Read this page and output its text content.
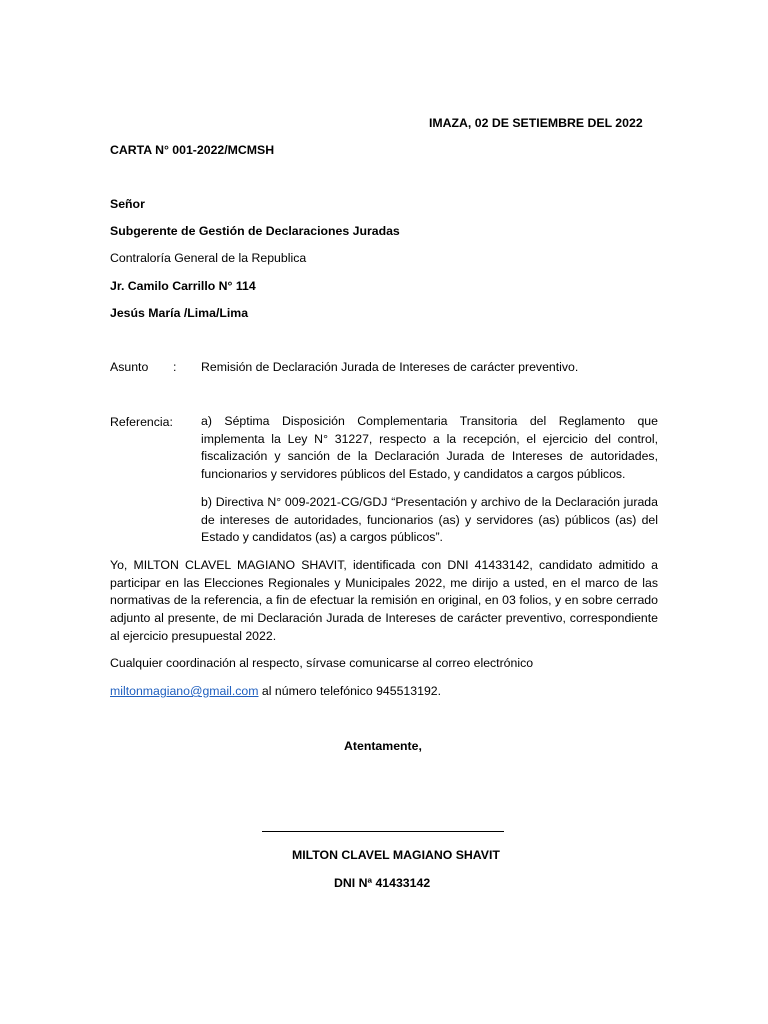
IMAZA, 02 DE SETIEMBRE DEL 2022
CARTA N° 001-2022/MCMSH
Señor
Subgerente de Gestión de Declaraciones Juradas
Contraloría General de la Republica
Jr. Camilo Carrillo N° 114
Jesús María /Lima/Lima
Asunto : Remisión de Declaración Jurada de Intereses de carácter preventivo.
Referencia: a) Séptima Disposición Complementaria Transitoria del Reglamento que implementa la Ley N° 31227, respecto a la recepción, el ejercicio del control, fiscalización y sanción de la Declaración Jurada de Intereses de autoridades, funcionarios y servidores públicos del Estado, y candidatos a cargos públicos.
b) Directiva N° 009-2021-CG/GDJ “Presentación y archivo de la Declaración jurada de intereses de autoridades, funcionarios (as) y servidores (as) públicos (as) del Estado y candidatos (as) a cargos públicos”.
Yo, MILTON CLAVEL MAGIANO SHAVIT, identificada con DNI 41433142, candidato admitido a participar en las Elecciones Regionales y Municipales 2022, me dirijo a usted, en el marco de las normativas de la referencia, a fin de efectuar la remisión en original, en 03 folios, y en sobre cerrado adjunto al presente, de mi Declaración Jurada de Intereses de carácter preventivo, correspondiente al ejercicio presupuestal 2022.
Cualquier coordinación al respecto, sírvase comunicarse al correo electrónico
miltonmagiano@gmail.com al número telefónico 945513192.
Atentamente,
MILTON CLAVEL MAGIANO SHAVIT
DNI Nª 41433142
